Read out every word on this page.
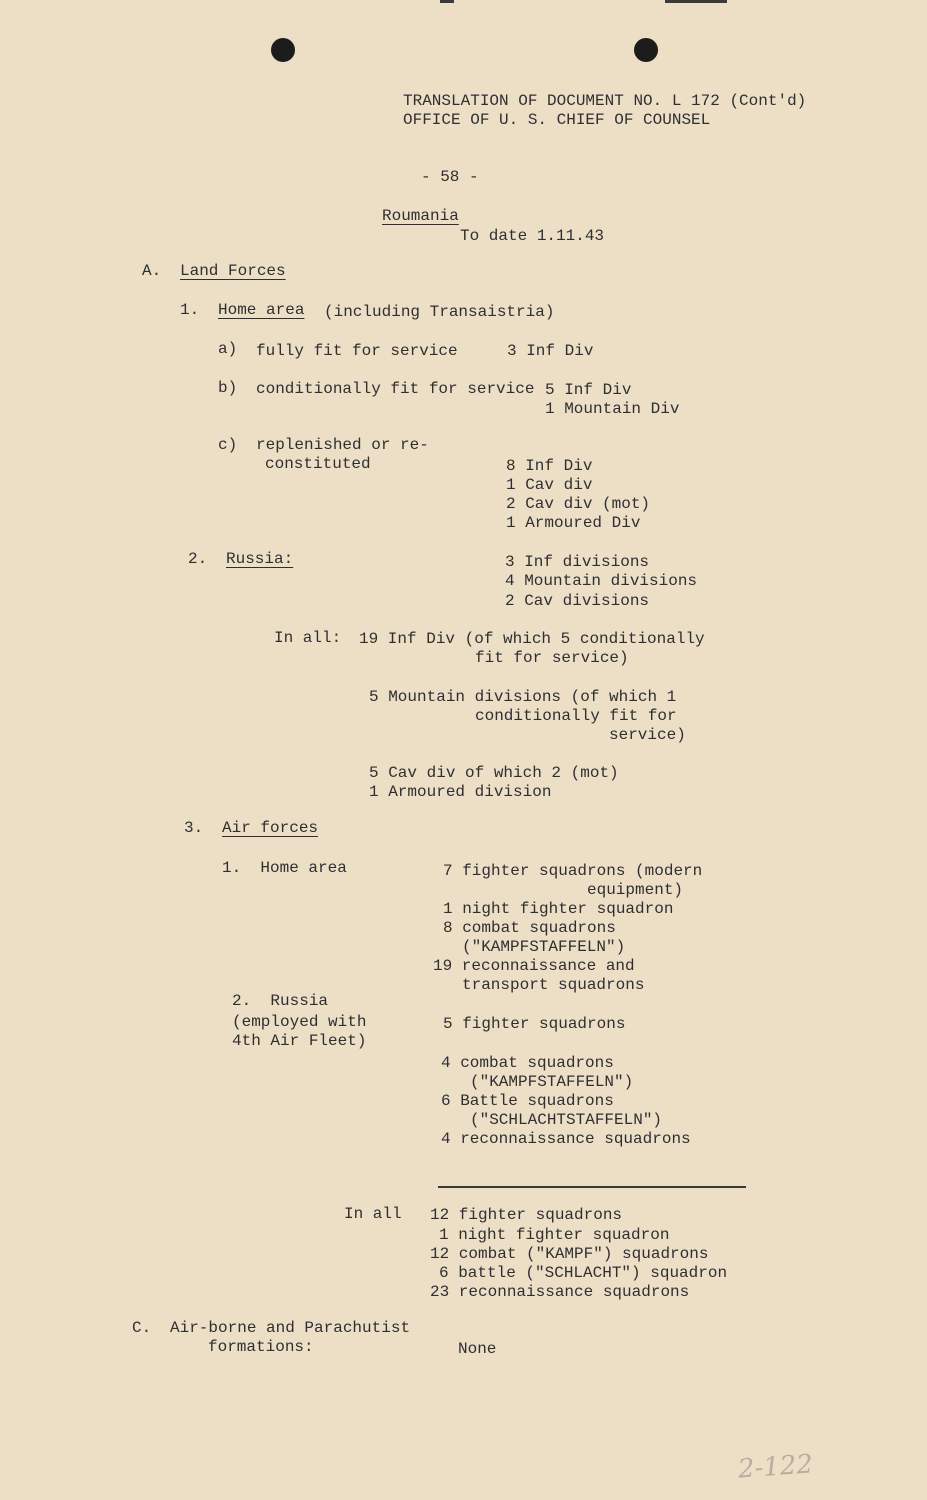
TRANSLATION OF DOCUMENT NO. L 172 (Cont'd)
OFFICE OF U. S. CHIEF OF COUNSEL
- 58 -
Roumania
To date 1.11.43
A. Land Forces
1. Home area (including Transaistria)
a) fully fit for service	3 Inf Div
b) conditionally fit for service 5 Inf Div
1 Mountain Div
c) replenished or re-
constituted	8 Inf Div
1 Cav div
2 Cav div (mot)
1 Armoured Div
2. Russia:	3 Inf divisions
4 Mountain divisions
2 Cav divisions
In all: 19 Inf Div (of which 5 conditionally
fit for service)
5 Mountain divisions (of which 1
conditionally fit for
service)
5 Cav div of which 2 (mot)
1 Armoured division
3. Air forces
1.  Home area	7 fighter squadrons (modern
equipment)
1 night fighter squadron
8 combat squadrons
("KAMPFSTAFFELN")
19 reconnaissance and
transport squadrons
2.  Russia
(employed with
4th Air Fleet)
5 fighter squadrons
4 combat squadrons
("KAMPFSTAFFELN")
6 Battle squadrons
("SCHLACHTSTAFFELN")
4 reconnaissance squadrons
In all 12 fighter squadrons
1 night fighter squadron
12 combat ("KAMPF") squadrons
6 battle ("SCHLACHT") squadron
23 reconnaissance squadrons
C. Air-borne and Parachutist
formations:	None
2-122
